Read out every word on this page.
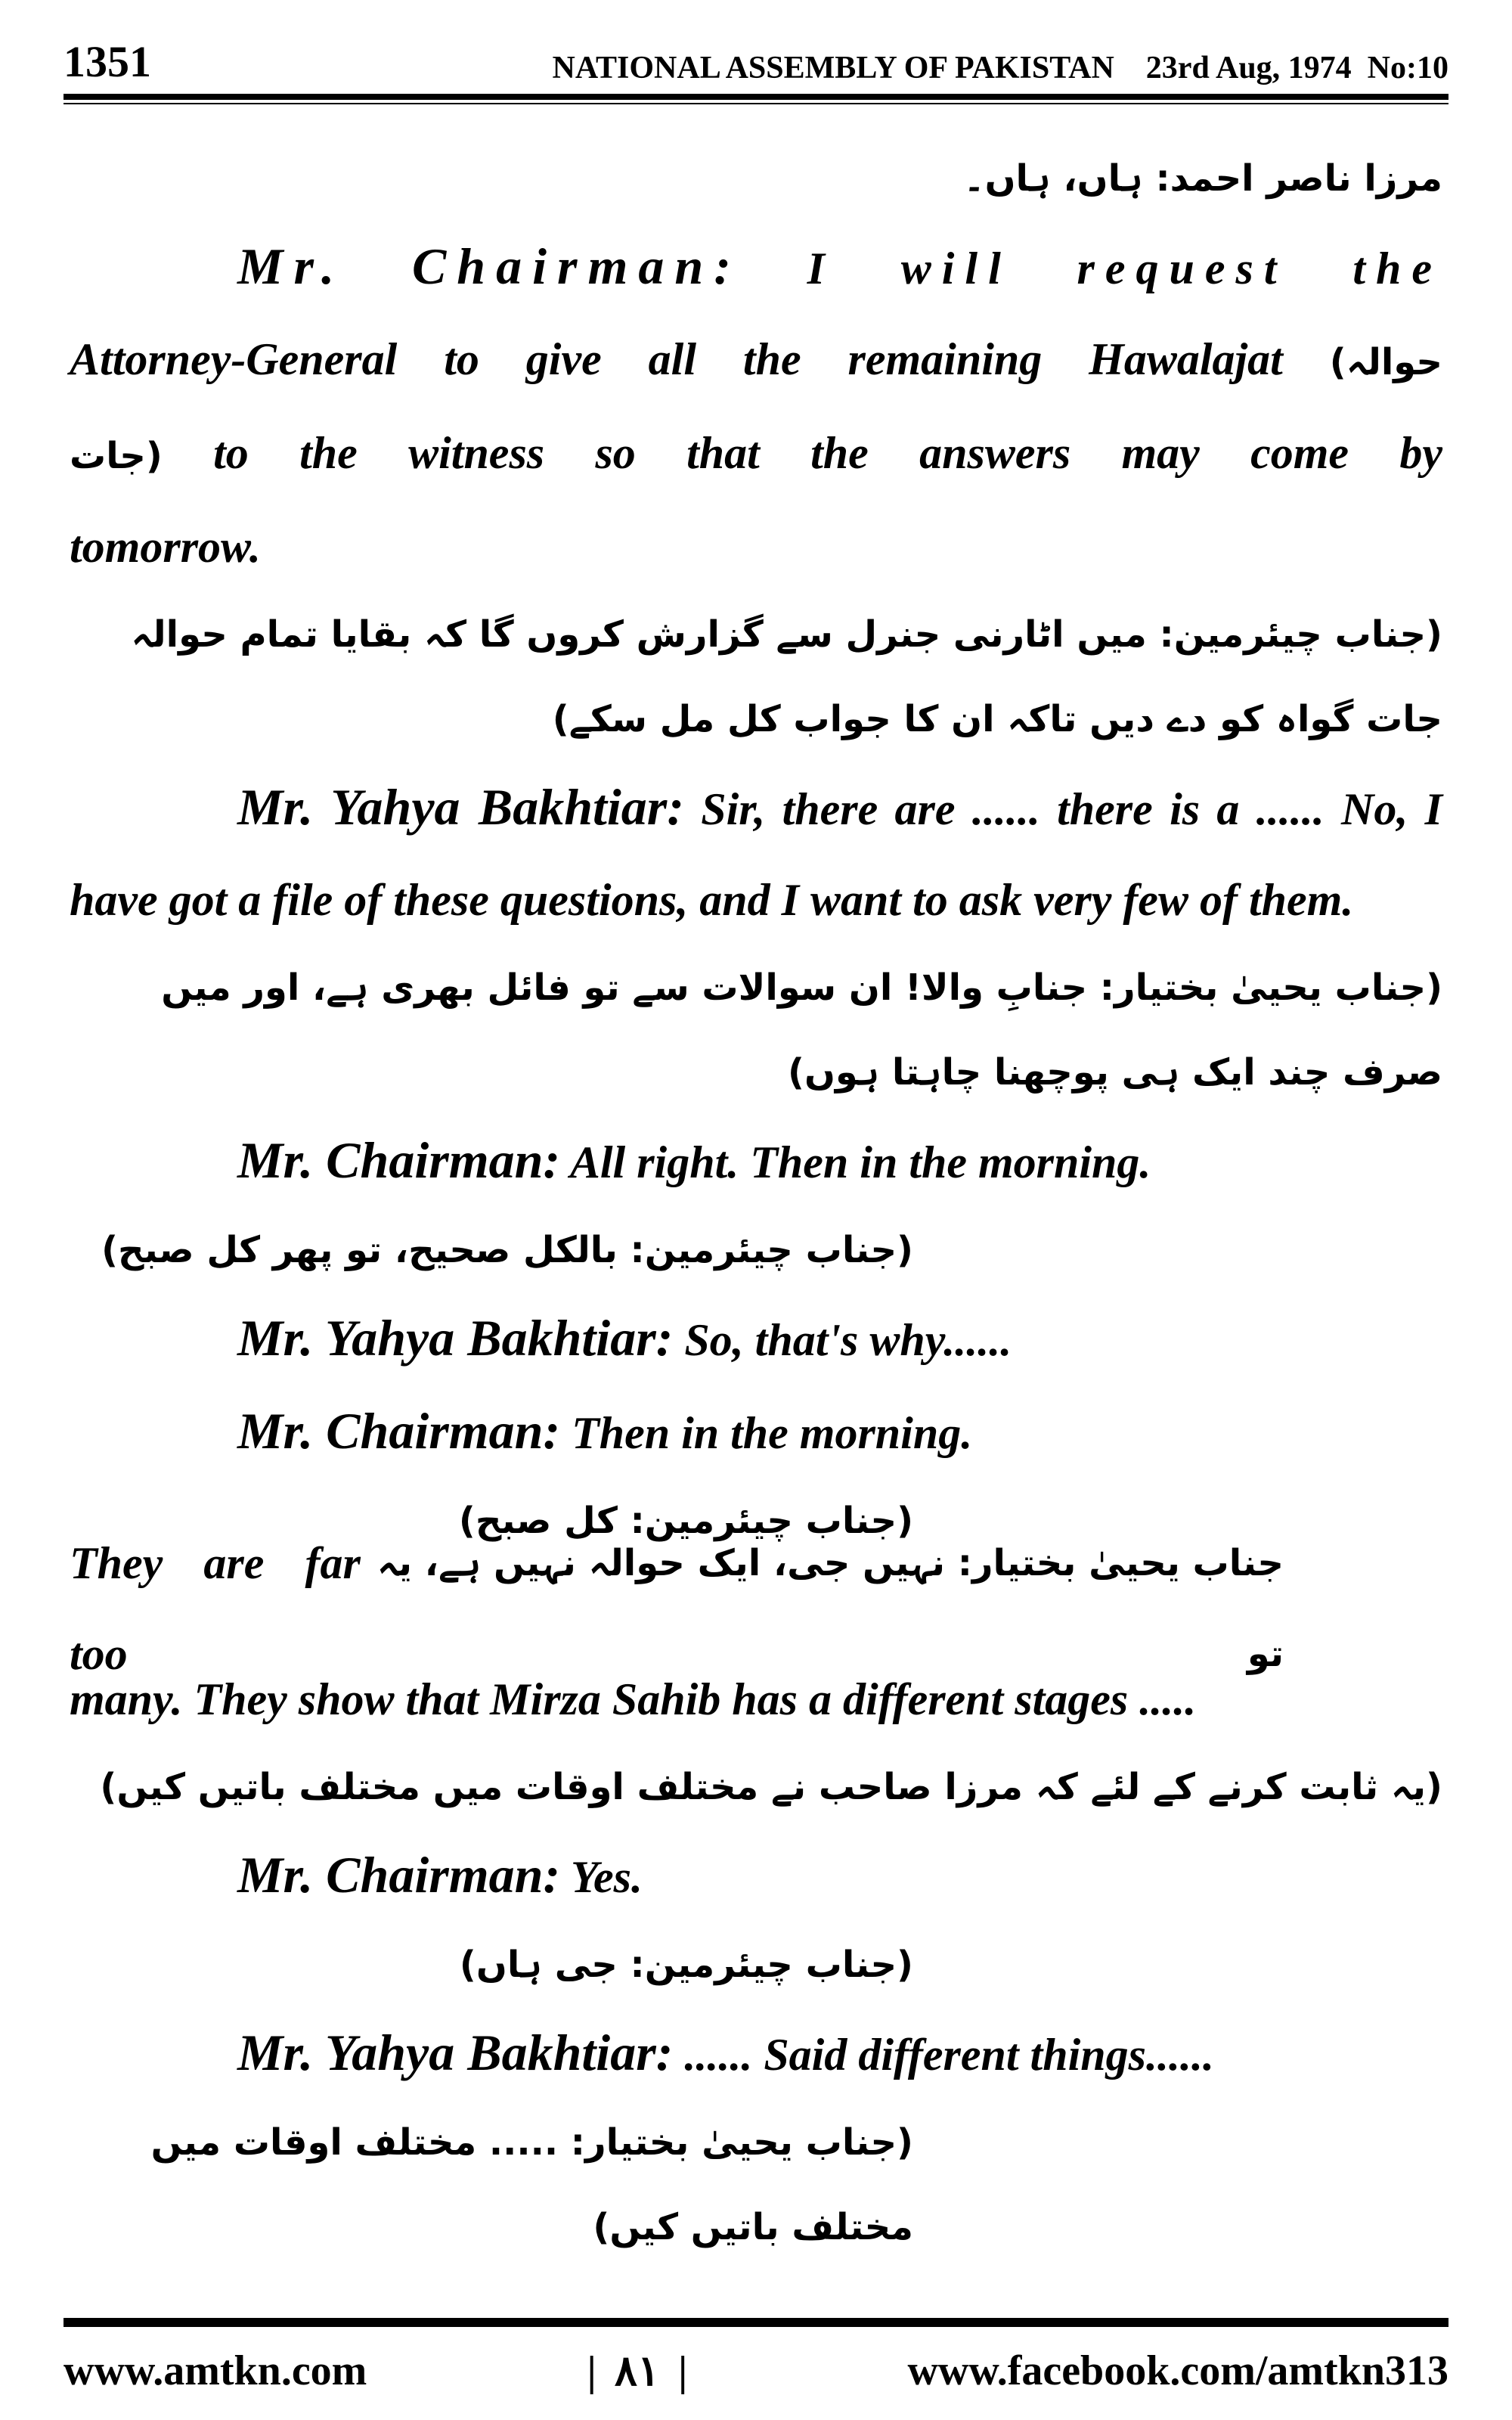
1351	NATIONAL ASSEMBLY OF PAKISTAN    23rd Aug, 1974  No:10
مرزا ناصر احمد: ہاں، ہاں۔
Mr. Chairman: I will request the
Attorney-General to give all the remaining Hawalajat (حوالہ
جات) to the witness so that the answers may come by
tomorrow.
(جناب چیئرمین: میں اٹارنی جنرل سے گزارش کروں گا کہ بقایا تمام حوالہ جات گواہ کو دے دیں تاکہ ان کا جواب کل مل سکے)
Mr. Yahya Bakhtiar: Sir, there are ...... there is a ...... No, I have got a file of these questions, and I want to ask very few of them.
(جناب یحییٰ بختیار: جنابِ والا! ان سوالات سے تو فائل بھری ہے، اور میں صرف چند ایک ہی پوچھنا چاہتا ہوں)
Mr. Chairman: All right. Then in the morning.
(جناب چیئرمین: بالکل صحیح، تو پھر کل صبح)
Mr. Yahya Bakhtiar: So, that's why......
Mr. Chairman: Then in the morning.
(جناب چیئرمین: کل صبح)
They are far too
جناب یحییٰ بختیار: نہیں جی، ایک حوالہ نہیں ہے، یہ تو
many. They show that Mirza Sahib has a different stages .....
(یہ ثابت کرنے کے لئے کہ مرزا صاحب نے مختلف اوقات میں مختلف باتیں کیں)
Mr. Chairman: Yes.
(جناب چیئرمین: جی ہاں)
Mr. Yahya Bakhtiar: ...... Said different things......
(جناب یحییٰ بختیار: ..... مختلف اوقات میں مختلف باتیں کیں)
www.amtkn.com	| ۸۱ |	www.facebook.com/amtkn313
